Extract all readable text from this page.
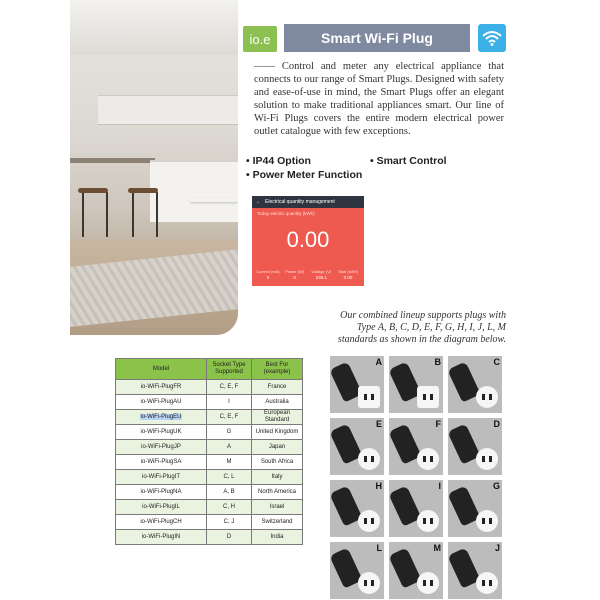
io.e	Smart Wi-Fi Plug
—— Control and meter any electrical appliance that connects to our range of Smart Plugs. Designed with safety and ease-of-use in mind, the Smart Plugs offer an elegant solution to make traditional appliances smart. Our line of Wi-Fi Plugs covers the entire modern electrical power outlet catalogue with few exceptions.
• IP44 Option	• Smart Control
• Power Meter Function
← Electrical quantity management
Today electric quantity (kWh)
0.00
Current (mA)
0
Power (W)
0
Voltage (V)
236.1
Total (kWh)
0.00
Our combined lineup supports plugs with Type A, B, C, D, E, F, G, H, I, J, L, M standards as shown in the diagram below.
Model	Socket Type Supported	Best For (example)
io-WiFi-PlugFR	C, E, F	France
io-WiFi-PlugAU	I	Australia
io-WiFi-PlugEU	C, E, F	European Standard
io-WiFi-PlugUK	G	United Kingdom
io-WiFi-PlugJP	A	Japan
io-WiFi-PlugSA	M	South Africa
io-WiFi-PlugIT	C, L	Italy
io-WiFi-PlugNA	A, B	North America
io-WiFi-PlugIL	C, H	Israel
io-WiFi-PlugCH	C, J	Switzerland
io-WiFi-PlugIN	D	India
A	B	C
E	F	D
H	I	G
L	M	J
